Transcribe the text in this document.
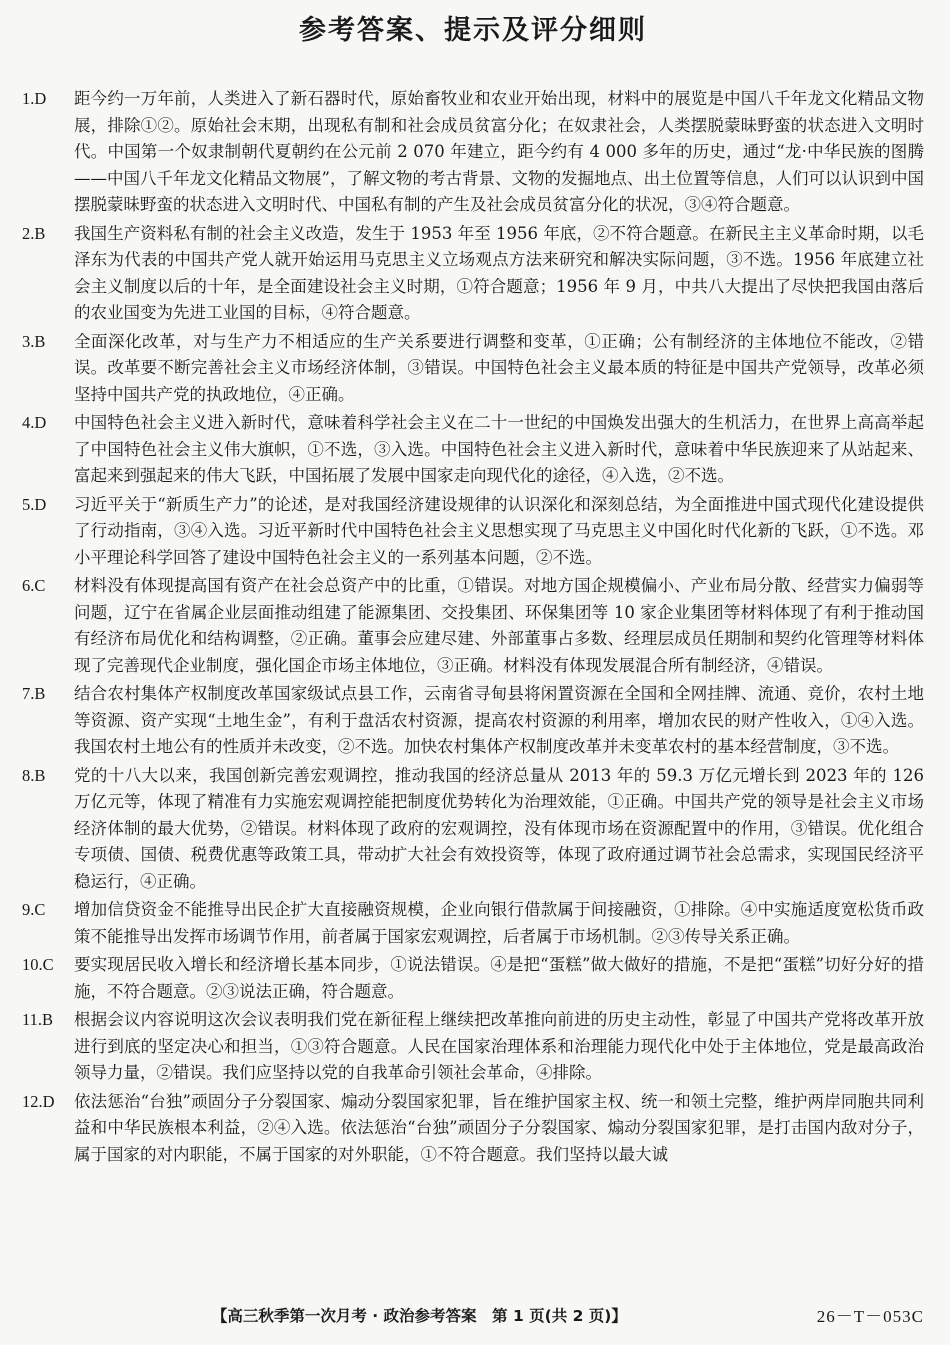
参考答案、提示及评分细则
1.D	距今约一万年前，人类进入了新石器时代，原始畜牧业和农业开始出现，材料中的展览是中国八千年龙文化精品文物展，排除①②。原始社会末期，出现私有制和社会成员贫富分化；在奴隶社会，人类摆脱蒙昧野蛮的状态进入文明时代。中国第一个奴隶制朝代夏朝约在公元前 2 070 年建立，距今约有 4 000 多年的历史，通过“龙·中华民族的图腾——中国八千年龙文化精品文物展”，了解文物的考古背景、文物的发掘地点、出土位置等信息，人们可以认识到中国摆脱蒙昧野蛮的状态进入文明时代、中国私有制的产生及社会成员贫富分化的状况，③④符合题意。
2.B	我国生产资料私有制的社会主义改造，发生于 1953 年至 1956 年底，②不符合题意。在新民主主义革命时期，以毛泽东为代表的中国共产党人就开始运用马克思主义立场观点方法来研究和解决实际问题，③不选。1956 年底建立社会主义制度以后的十年，是全面建设社会主义时期，①符合题意；1956 年 9 月，中共八大提出了尽快把我国由落后的农业国变为先进工业国的目标，④符合题意。
3.B	全面深化改革，对与生产力不相适应的生产关系要进行调整和变革，①正确；公有制经济的主体地位不能改，②错误。改革要不断完善社会主义市场经济体制，③错误。中国特色社会主义最本质的特征是中国共产党领导，改革必须坚持中国共产党的执政地位，④正确。
4.D	中国特色社会主义进入新时代，意味着科学社会主义在二十一世纪的中国焕发出强大的生机活力，在世界上高高举起了中国特色社会主义伟大旗帜，①不选，③入选。中国特色社会主义进入新时代，意味着中华民族迎来了从站起来、富起来到强起来的伟大飞跃，中国拓展了发展中国家走向现代化的途径，④入选，②不选。
5.D	习近平关于“新质生产力”的论述，是对我国经济建设规律的认识深化和深刻总结，为全面推进中国式现代化建设提供了行动指南，③④入选。习近平新时代中国特色社会主义思想实现了马克思主义中国化时代化新的飞跃，①不选。邓小平理论科学回答了建设中国特色社会主义的一系列基本问题，②不选。
6.C	材料没有体现提高国有资产在社会总资产中的比重，①错误。对地方国企规模偏小、产业布局分散、经营实力偏弱等问题，辽宁在省属企业层面推动组建了能源集团、交投集团、环保集团等 10 家企业集团等材料体现了有利于推动国有经济布局优化和结构调整，②正确。董事会应建尽建、外部董事占多数、经理层成员任期制和契约化管理等材料体现了完善现代企业制度，强化国企市场主体地位，③正确。材料没有体现发展混合所有制经济，④错误。
7.B	结合农村集体产权制度改革国家级试点县工作，云南省寻甸县将闲置资源在全国和全网挂牌、流通、竞价，农村土地等资源、资产实现“土地生金”，有利于盘活农村资源，提高农村资源的利用率，增加农民的财产性收入，①④入选。我国农村土地公有的性质并未改变，②不选。加快农村集体产权制度改革并未变革农村的基本经营制度，③不选。
8.B	党的十八大以来，我国创新完善宏观调控，推动我国的经济总量从 2013 年的 59.3 万亿元增长到 2023 年的 126 万亿元等，体现了精准有力实施宏观调控能把制度优势转化为治理效能，①正确。中国共产党的领导是社会主义市场经济体制的最大优势，②错误。材料体现了政府的宏观调控，没有体现市场在资源配置中的作用，③错误。优化组合专项债、国债、税费优惠等政策工具，带动扩大社会有效投资等，体现了政府通过调节社会总需求，实现国民经济平稳运行，④正确。
9.C	增加信贷资金不能推导出民企扩大直接融资规模，企业向银行借款属于间接融资，①排除。④中实施适度宽松货币政策不能推导出发挥市场调节作用，前者属于国家宏观调控，后者属于市场机制。②③传导关系正确。
10.C	要实现居民收入增长和经济增长基本同步，①说法错误。④是把“蛋糕”做大做好的措施，不是把“蛋糕”切好分好的措施，不符合题意。②③说法正确，符合题意。
11.B	根据会议内容说明这次会议表明我们党在新征程上继续把改革推向前进的历史主动性，彰显了中国共产党将改革开放进行到底的坚定决心和担当，①③符合题意。人民在国家治理体系和治理能力现代化中处于主体地位，党是最高政治领导力量，②错误。我们应坚持以党的自我革命引领社会革命，④排除。
12.D	依法惩治“台独”顽固分子分裂国家、煽动分裂国家犯罪，旨在维护国家主权、统一和领土完整，维护两岸同胞共同利益和中华民族根本利益，②④入选。依法惩治“台独”顽固分子分裂国家、煽动分裂国家犯罪，是打击国内敌对分子，属于国家的对内职能，不属于国家的对外职能，①不符合题意。我们坚持以最大诚
【高三秋季第一次月考 · 政治参考答案　第 1 页(共 2 页)】	26－T－053C
